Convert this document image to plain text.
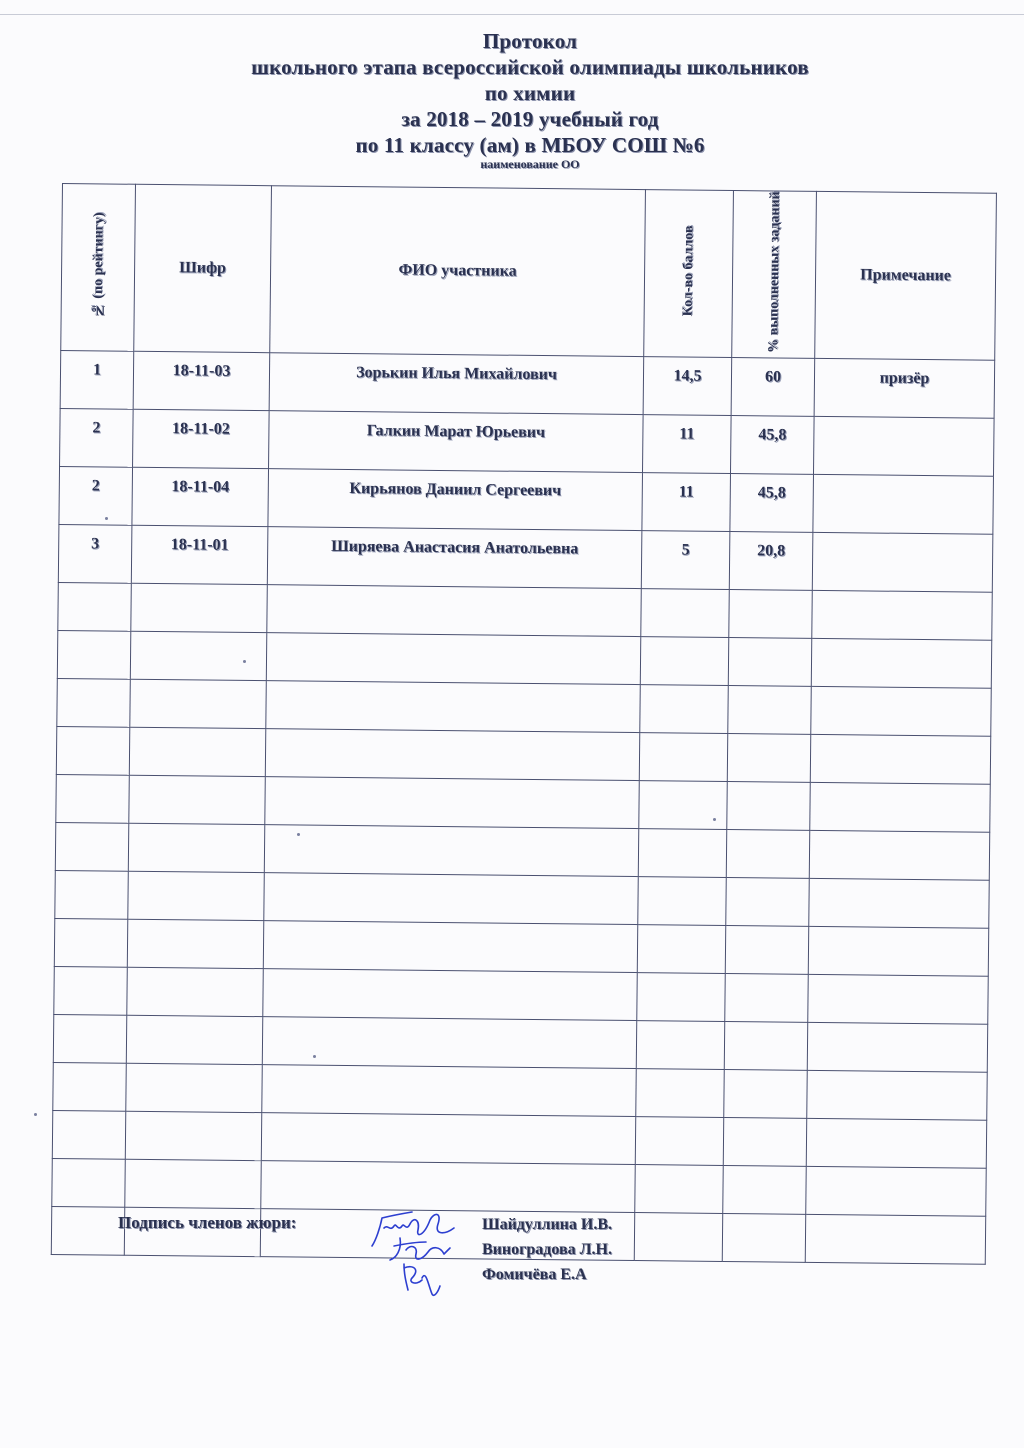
Протокол
школьного этапа всероссийской олимпиады школьников
по химии
за 2018 – 2019 учебный год
по 11 классу (ам) в МБОУ СОШ №6
наименование ОО
№ (по рейтингу)	Шифр	ФИО участника	Кол-во баллов	% выполненных заданий	Примечание
1	18-11-03	Зорькин Илья Михайлович	14,5	60	призёр
2	18-11-02	Галкин Марат Юрьевич	11	45,8	
2	18-11-04	Кирьянов Даниил Сергеевич	11	45,8	
3	18-11-01	Ширяева Анастасия Анатольевна	5	20,8	

Подпись членов жюри:	Шайдуллина И.В.
Виноградова Л.Н.
Фомичёва Е.А
